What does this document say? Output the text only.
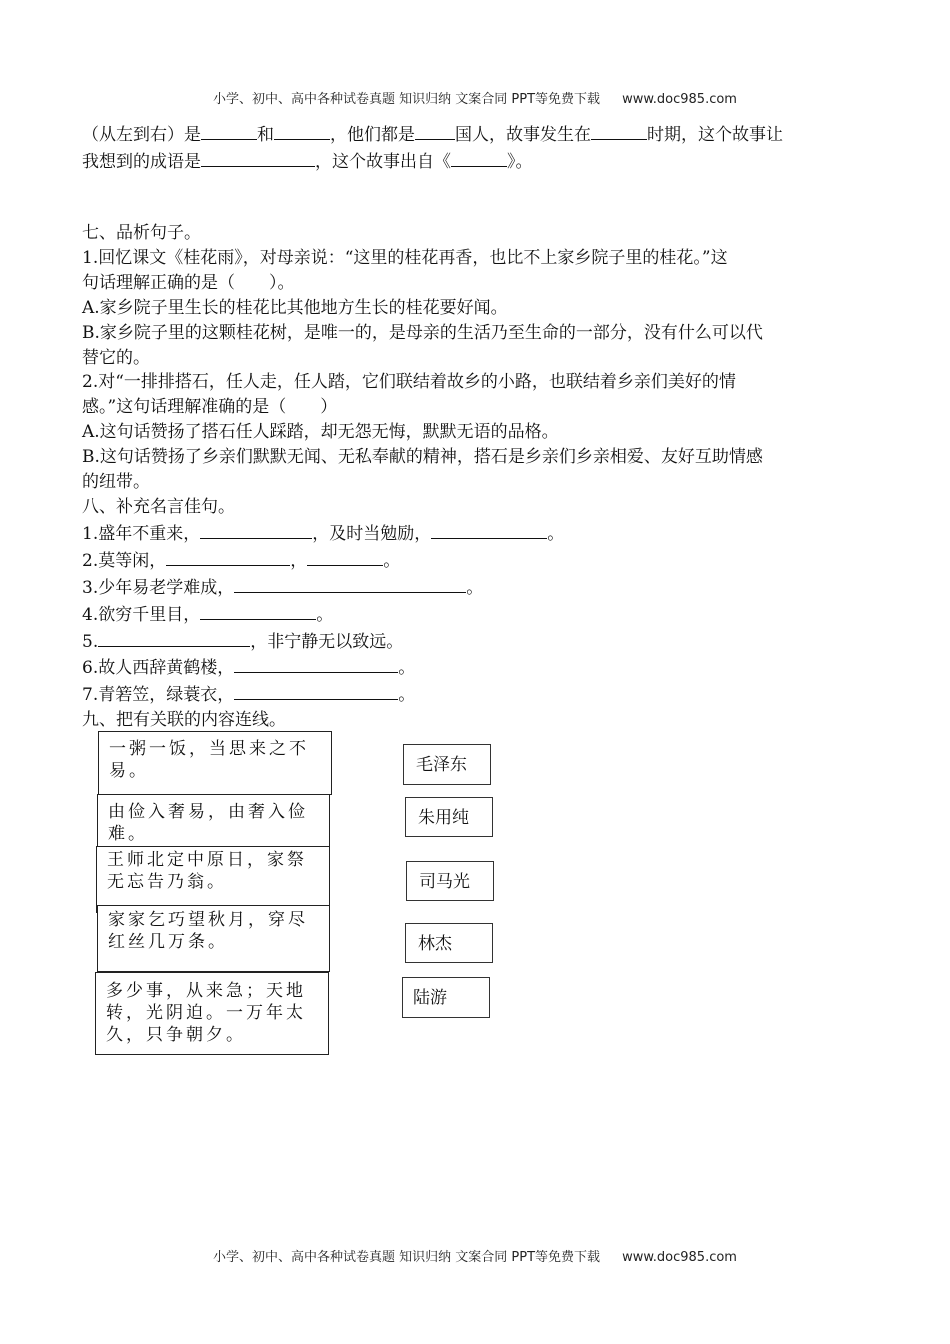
小学、初中、高中各种试卷真题 知识归纳 文案合同 PPT等免费下载 www.doc985.com
（从左到右）是	和	，他们都是 国人，故事发生在	时期，这个故事让
我想到的成语是	，这个故事出自《	》。
七、品析句子。
1.回忆课文《桂花雨》，对母亲说：“这里的桂花再香，也比不上家乡院子里的桂花。”这
句话理解正确的是（　　）。
A.家乡院子里生长的桂花比其他地方生长的桂花要好闻。
B.家乡院子里的这颗桂花树，是唯一的，是母亲的生活乃至生命的一部分，没有什么可以代
替它的。
2.对“一排排搭石，任人走，任人踏，它们联结着故乡的小路，也联结着乡亲们美好的情
感。”这句话理解准确的是（　　）
A.这句话赞扬了搭石任人踩踏，却无怨无悔，默默无语的品格。
B.这句话赞扬了乡亲们默默无闻、无私奉献的精神，搭石是乡亲们乡亲相爱、友好互助情感
的纽带。
八、补充名言佳句。
1.盛年不重来，	，及时当勉励，	。
2.莫等闲，	，	。
3.少年易老学难成，	。
4.欲穷千里目，	。
5.	，非宁静无以致远。
6.故人西辞黄鹤楼，	。
7.青箬笠，绿蓑衣，	。
九、把有关联的内容连线。
一粥一饭，当思来之不易。
由俭入奢易，由奢入俭难。
王师北定中原日，家祭无忘告乃翁。
家家乞巧望秋月，穿尽红丝几万条。
多少事，从来急；天地转，光阴迫。一万年太久，只争朝夕。
毛泽东
朱用纯
司马光
林杰
陆游
小学、初中、高中各种试卷真题 知识归纳 文案合同 PPT等免费下载 www.doc985.com
